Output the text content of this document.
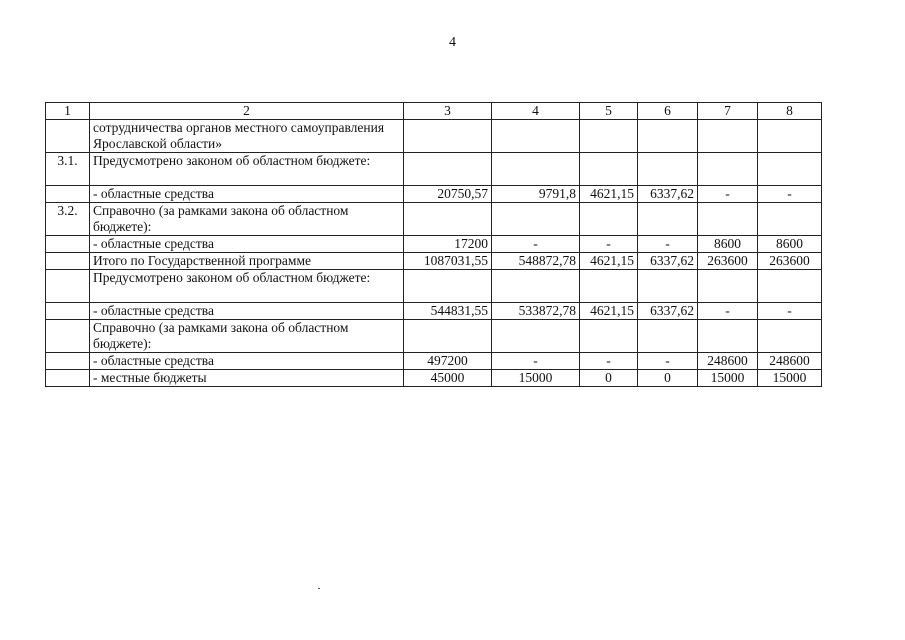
4
1	2	3	4	5	6	7	8
	сотрудничества органов местного самоуправления Ярославской области»						
3.1.	Предусмотрено законом об областном бюджете:						
	- областные средства	20750,57	9791,8	4621,15	6337,62	-	-
3.2.	Справочно (за рамками закона об областном бюджете):						
	- областные средства	17200	-	-	-	8600	8600
	Итого по Государственной программе	1087031,55	548872,78	4621,15	6337,62	263600	263600
	Предусмотрено законом об областном бюджете:						
	- областные средства	544831,55	533872,78	4621,15	6337,62	-	-
	Справочно (за рамками закона об областном бюджете):						
	- областные средства	497200	-	-	-	248600	248600
	- местные бюджеты	45000	15000	0	0	15000	15000
